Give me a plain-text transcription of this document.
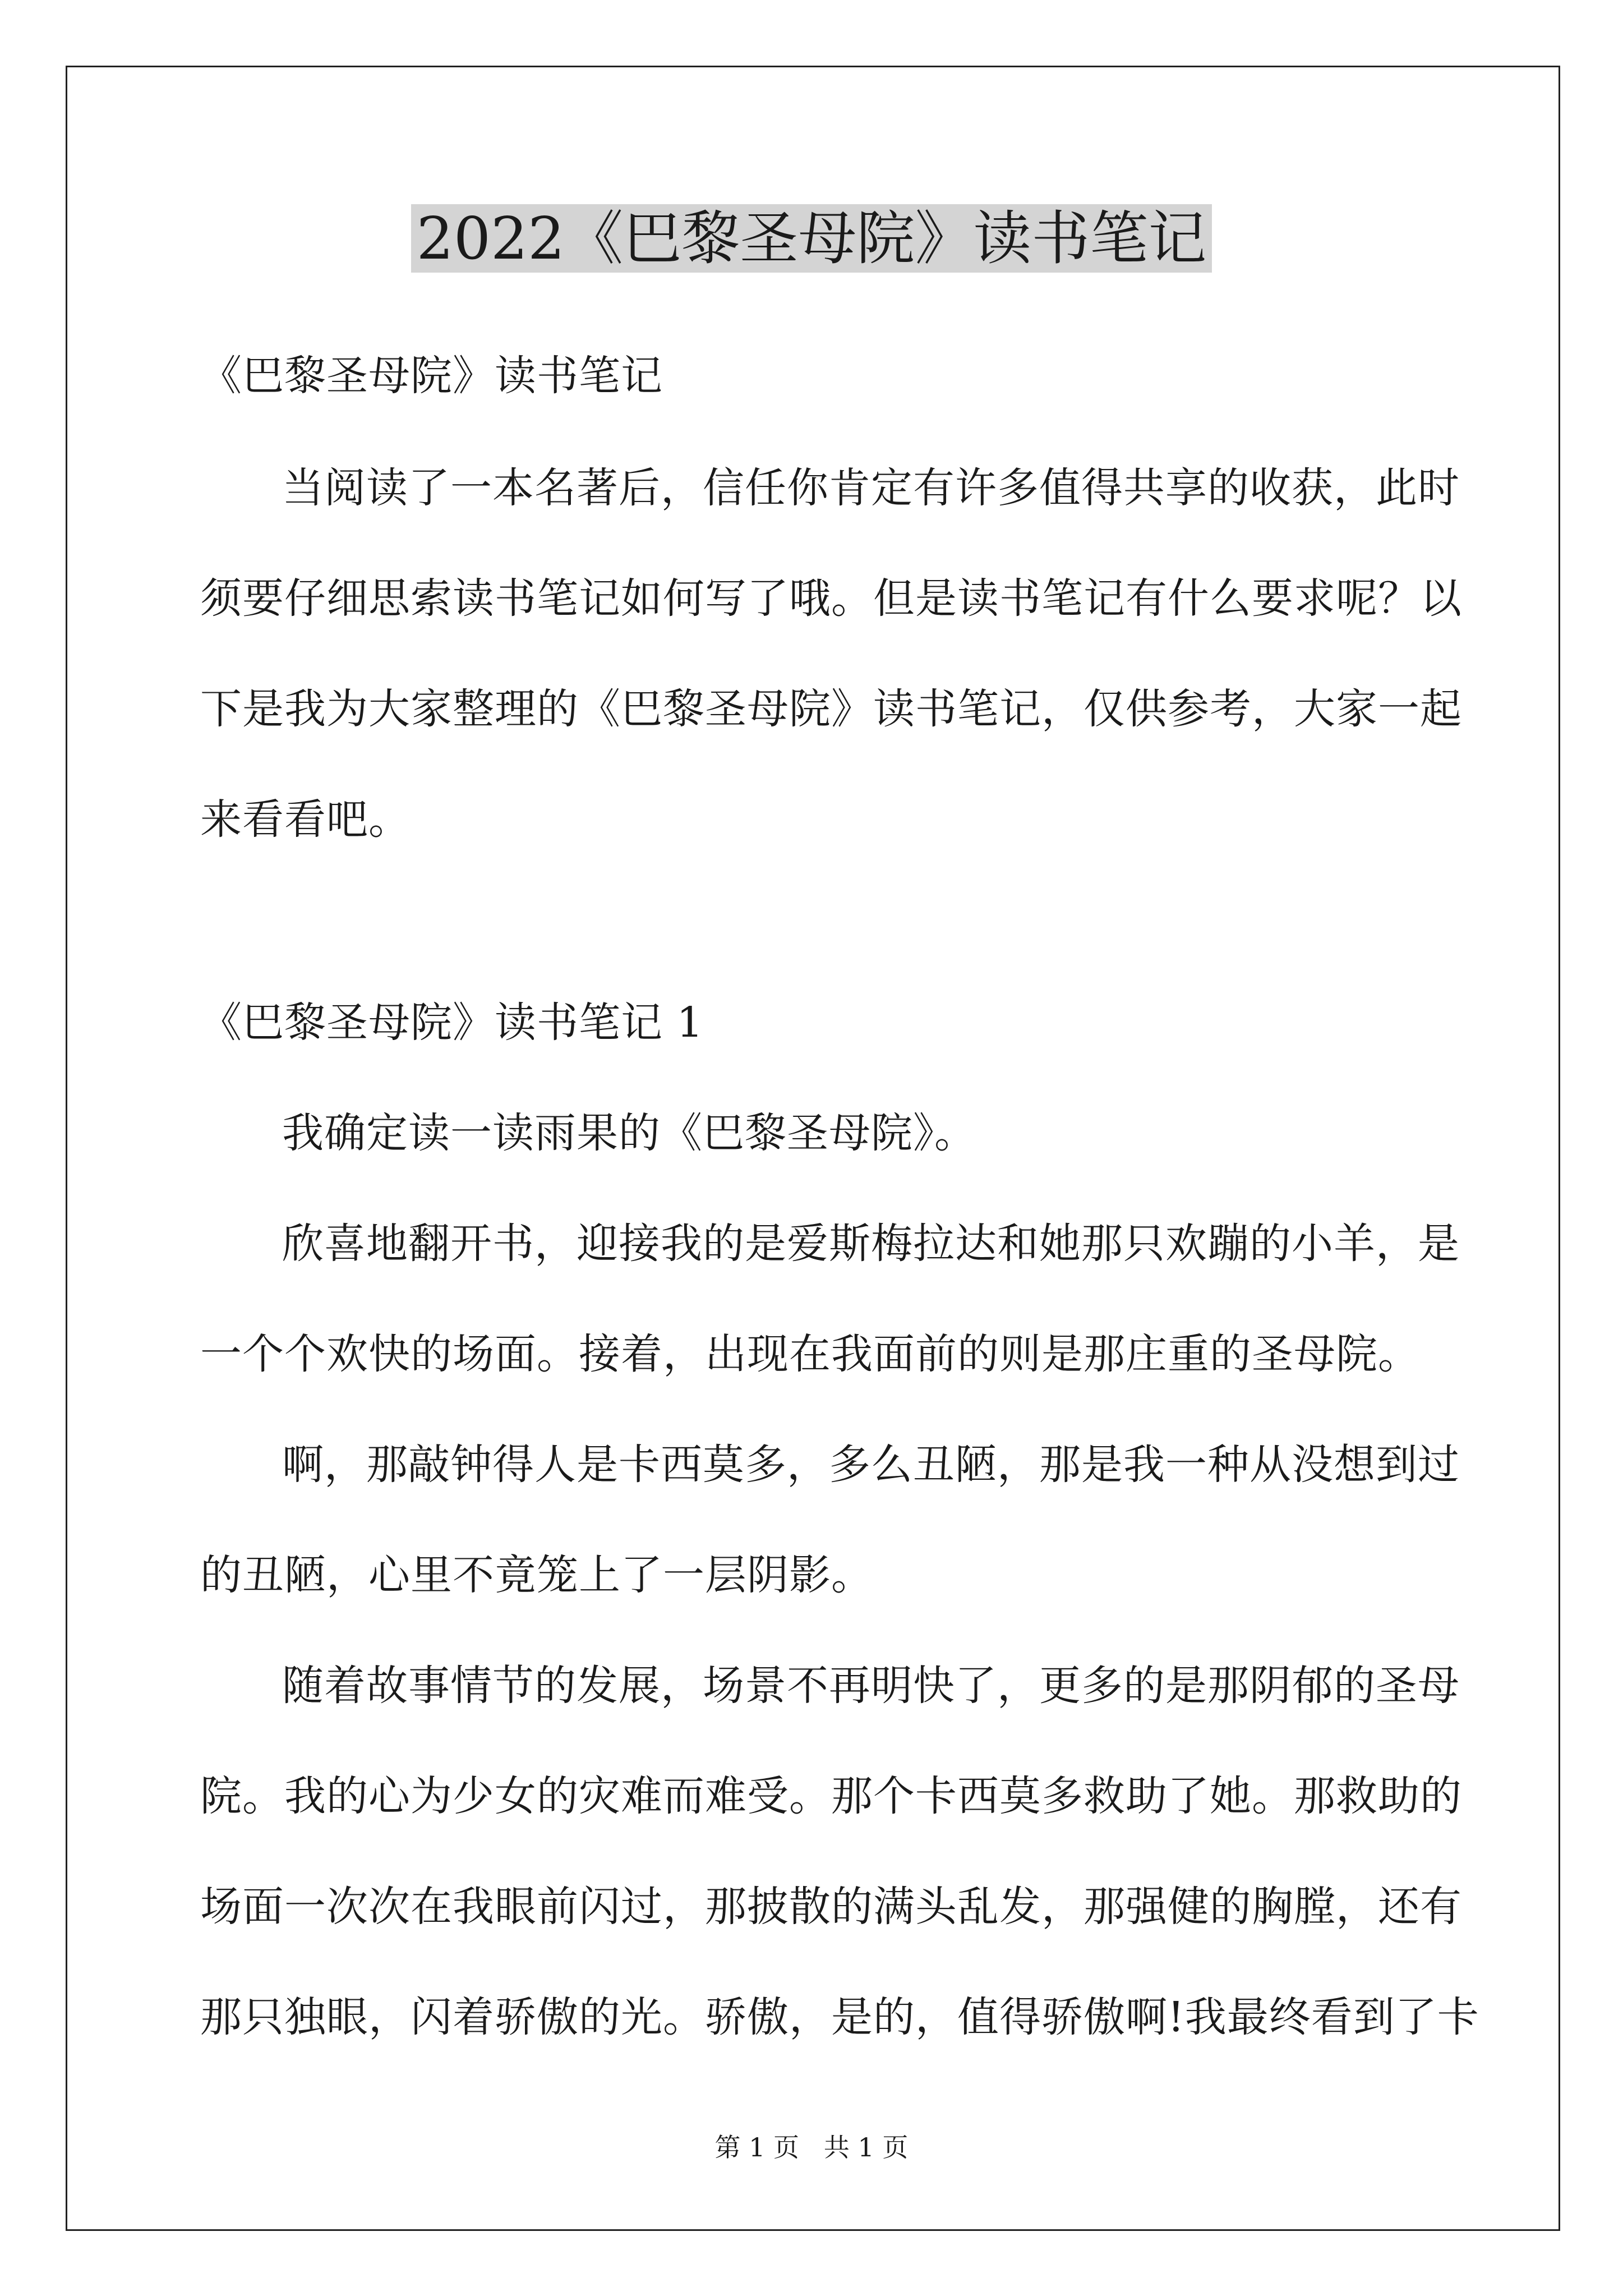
2022《巴黎圣母院》读书笔记
《巴黎圣母院》读书笔记
当阅读了一本名著后，信任你肯定有许多值得共享的收获，此时
须要仔细思索读书笔记如何写了哦。但是读书笔记有什么要求呢？以
下是我为大家整理的《巴黎圣母院》读书笔记，仅供参考，大家一起
来看看吧。
《巴黎圣母院》读书笔记 1
我确定读一读雨果的《巴黎圣母院》。
欣喜地翻开书，迎接我的是爱斯梅拉达和她那只欢蹦的小羊，是
一个个欢快的场面。接着，出现在我面前的则是那庄重的圣母院。
啊，那敲钟得人是卡西莫多，多么丑陋，那是我一种从没想到过
的丑陋，心里不竟笼上了一层阴影。
随着故事情节的发展，场景不再明快了，更多的是那阴郁的圣母
院。我的心为少女的灾难而难受。那个卡西莫多救助了她。那救助的
场面一次次在我眼前闪过，那披散的满头乱发，那强健的胸膛，还有
那只独眼，闪着骄傲的光。骄傲，是的，值得骄傲啊!我最终看到了卡
第 1 页   共 1 页
